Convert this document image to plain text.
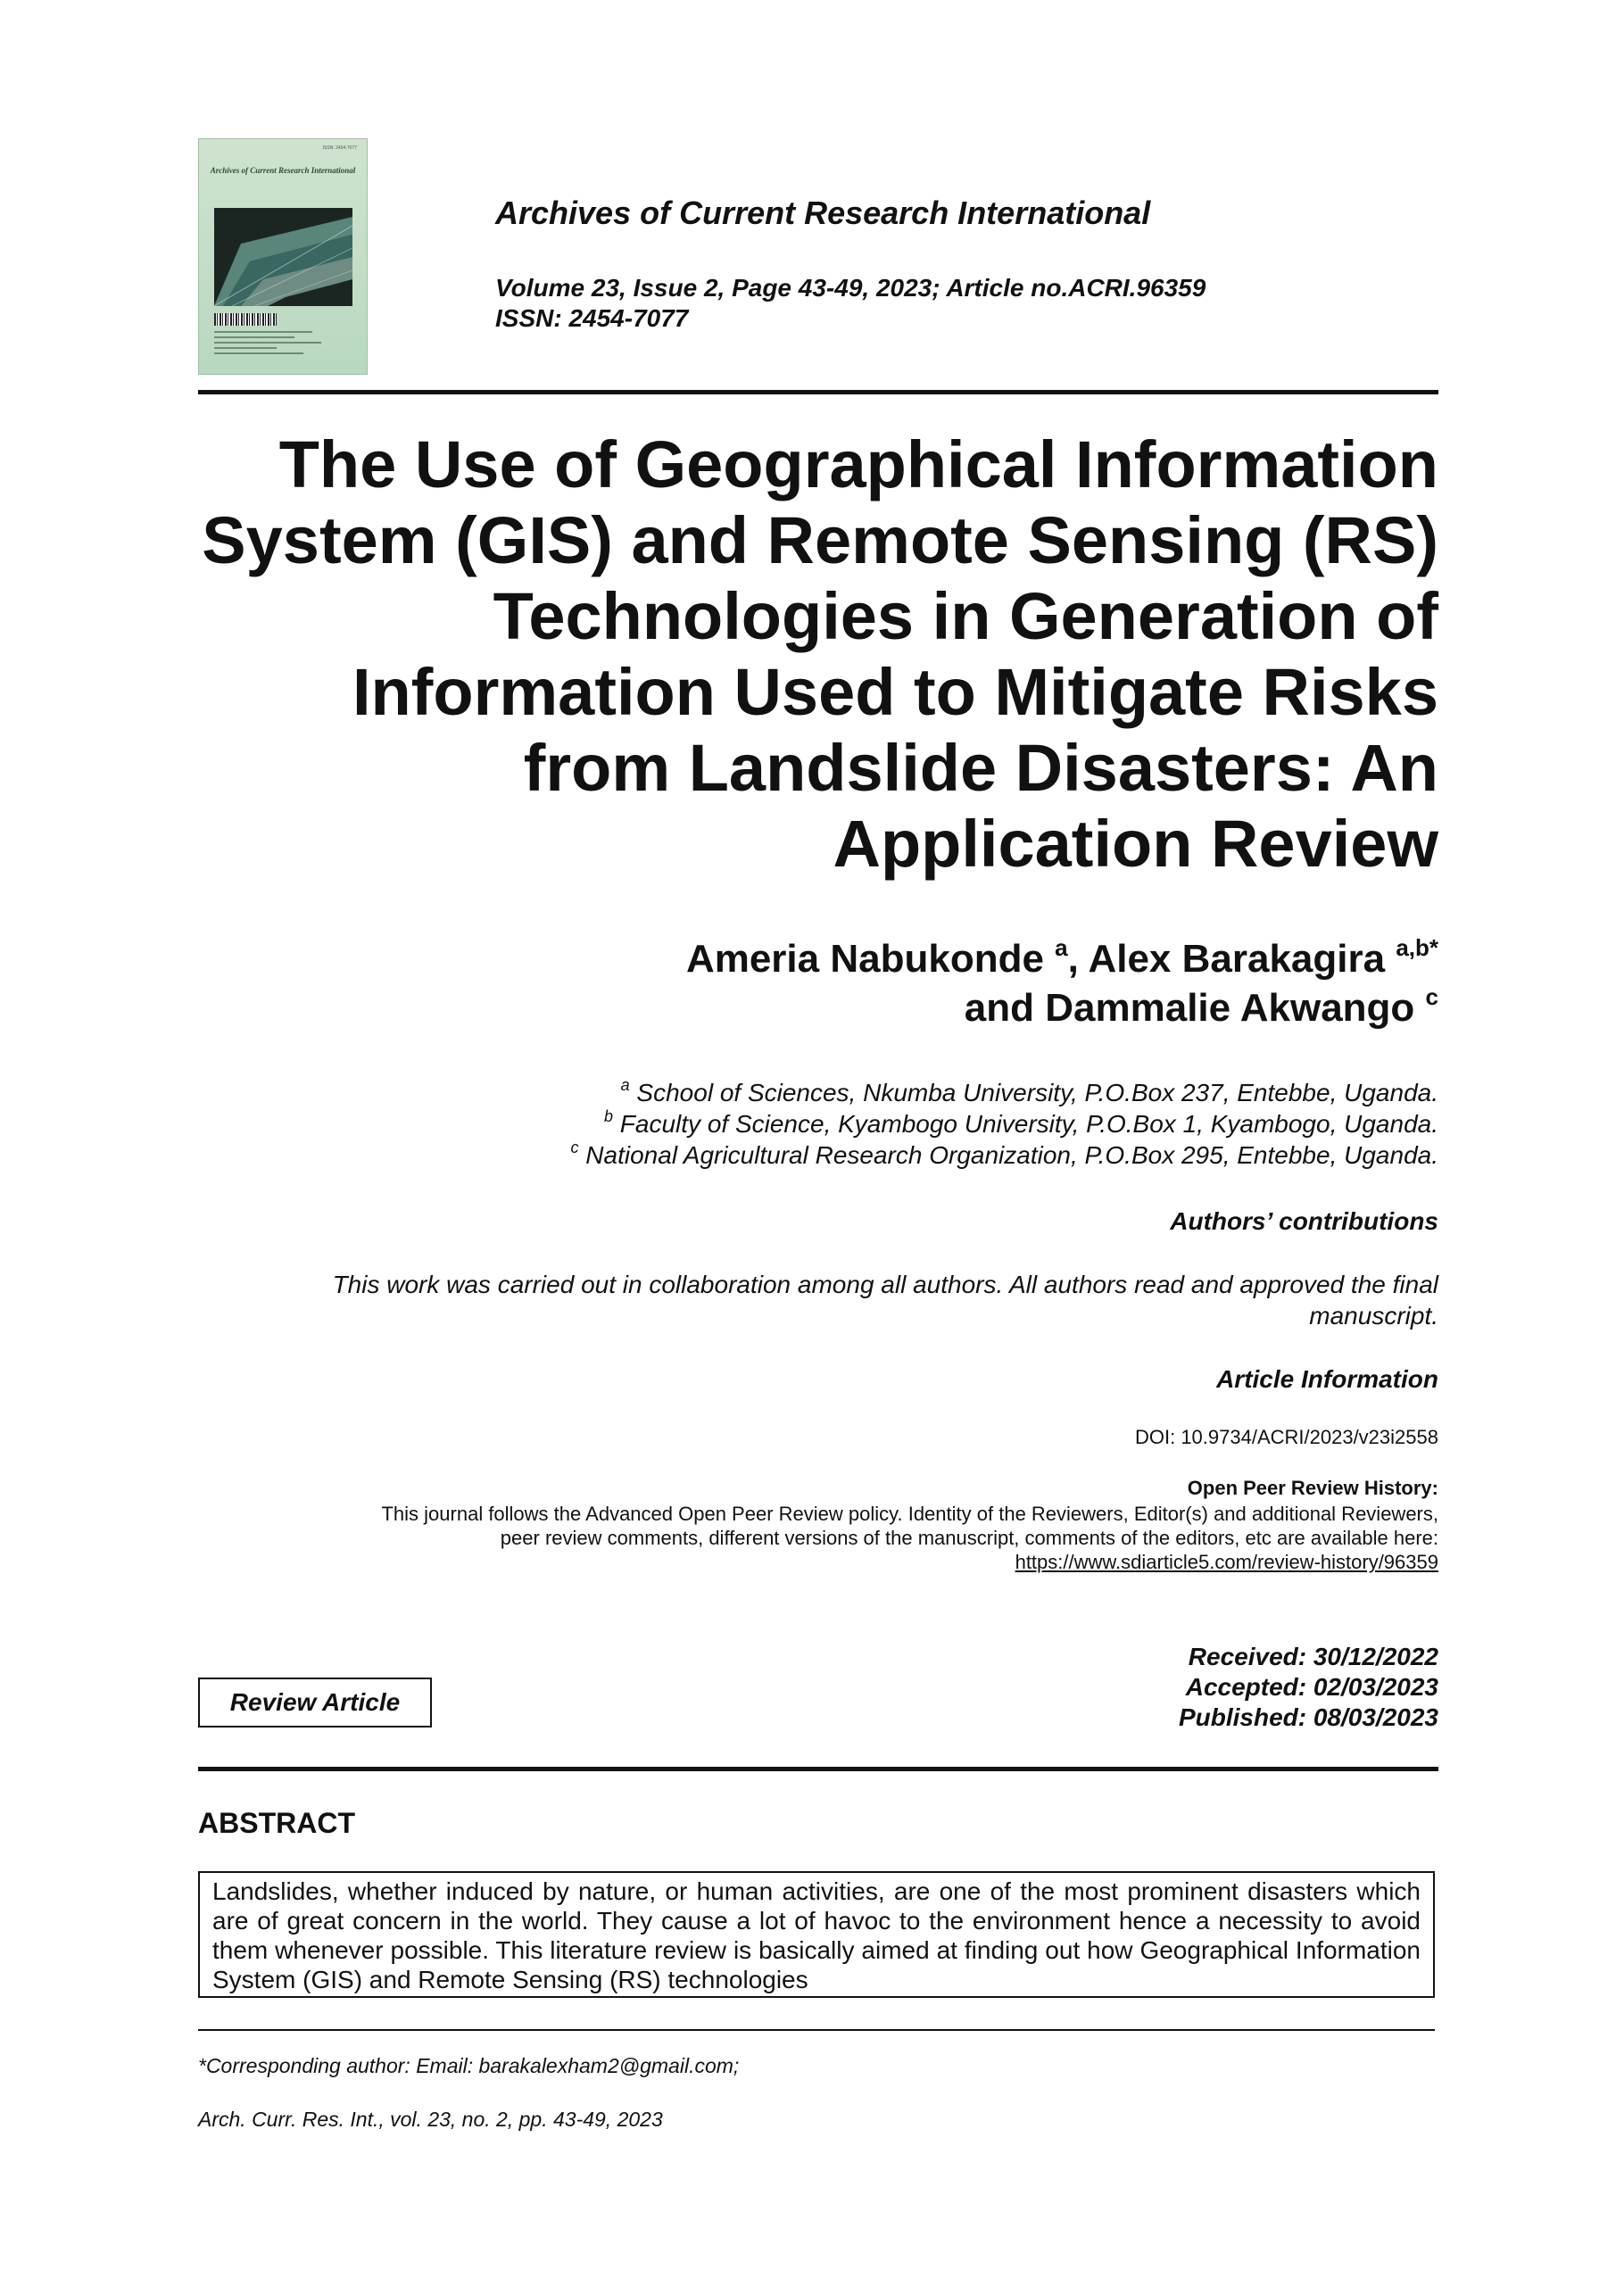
ISSN: 2454-7077
Archives of Current Research International
Archives of Current Research International
Volume 23, Issue 2, Page 43-49, 2023; Article no.ACRI.96359
ISSN: 2454-7077
The Use of Geographical Information
System (GIS) and Remote Sensing (RS)
Technologies in Generation of
Information Used to Mitigate Risks
from Landslide Disasters: An
Application Review
Ameria Nabukonde $^a$, Alex Barakagira $^{a,b*}$
and Dammalie Akwango $^c$
$^a$ School of Sciences, Nkumba University, P.O.Box 237, Entebbe, Uganda.
$^b$ Faculty of Science, Kyambogo University, P.O.Box 1, Kyambogo, Uganda.
$^c$ National Agricultural Research Organization, P.O.Box 295, Entebbe, Uganda.
Authors’ contributions
This work was carried out in collaboration among all authors. All authors read and approved the final
manuscript.
Article Information
DOI: 10.9734/ACRI/2023/v23i2558
Open Peer Review History:
This journal follows the Advanced Open Peer Review policy. Identity of the Reviewers, Editor(s) and additional Reviewers,
peer review comments, different versions of the manuscript, comments of the editors, etc are available here:
https://www.sdiarticle5.com/review-history/96359
Received: 30/12/2022
Accepted: 02/03/2023
Published: 08/03/2023
Review Article
ABSTRACT
Landslides, whether induced by nature, or human activities, are one of the most prominent disasters which are of great concern in the world. They cause a lot of havoc to the environment hence a necessity to avoid them whenever possible. This literature review is basically aimed at finding out how Geographical Information System (GIS) and Remote Sensing (RS) technologies
*Corresponding author: Email: barakalexham2@gmail.com;
Arch. Curr. Res. Int., vol. 23, no. 2, pp. 43-49, 2023
